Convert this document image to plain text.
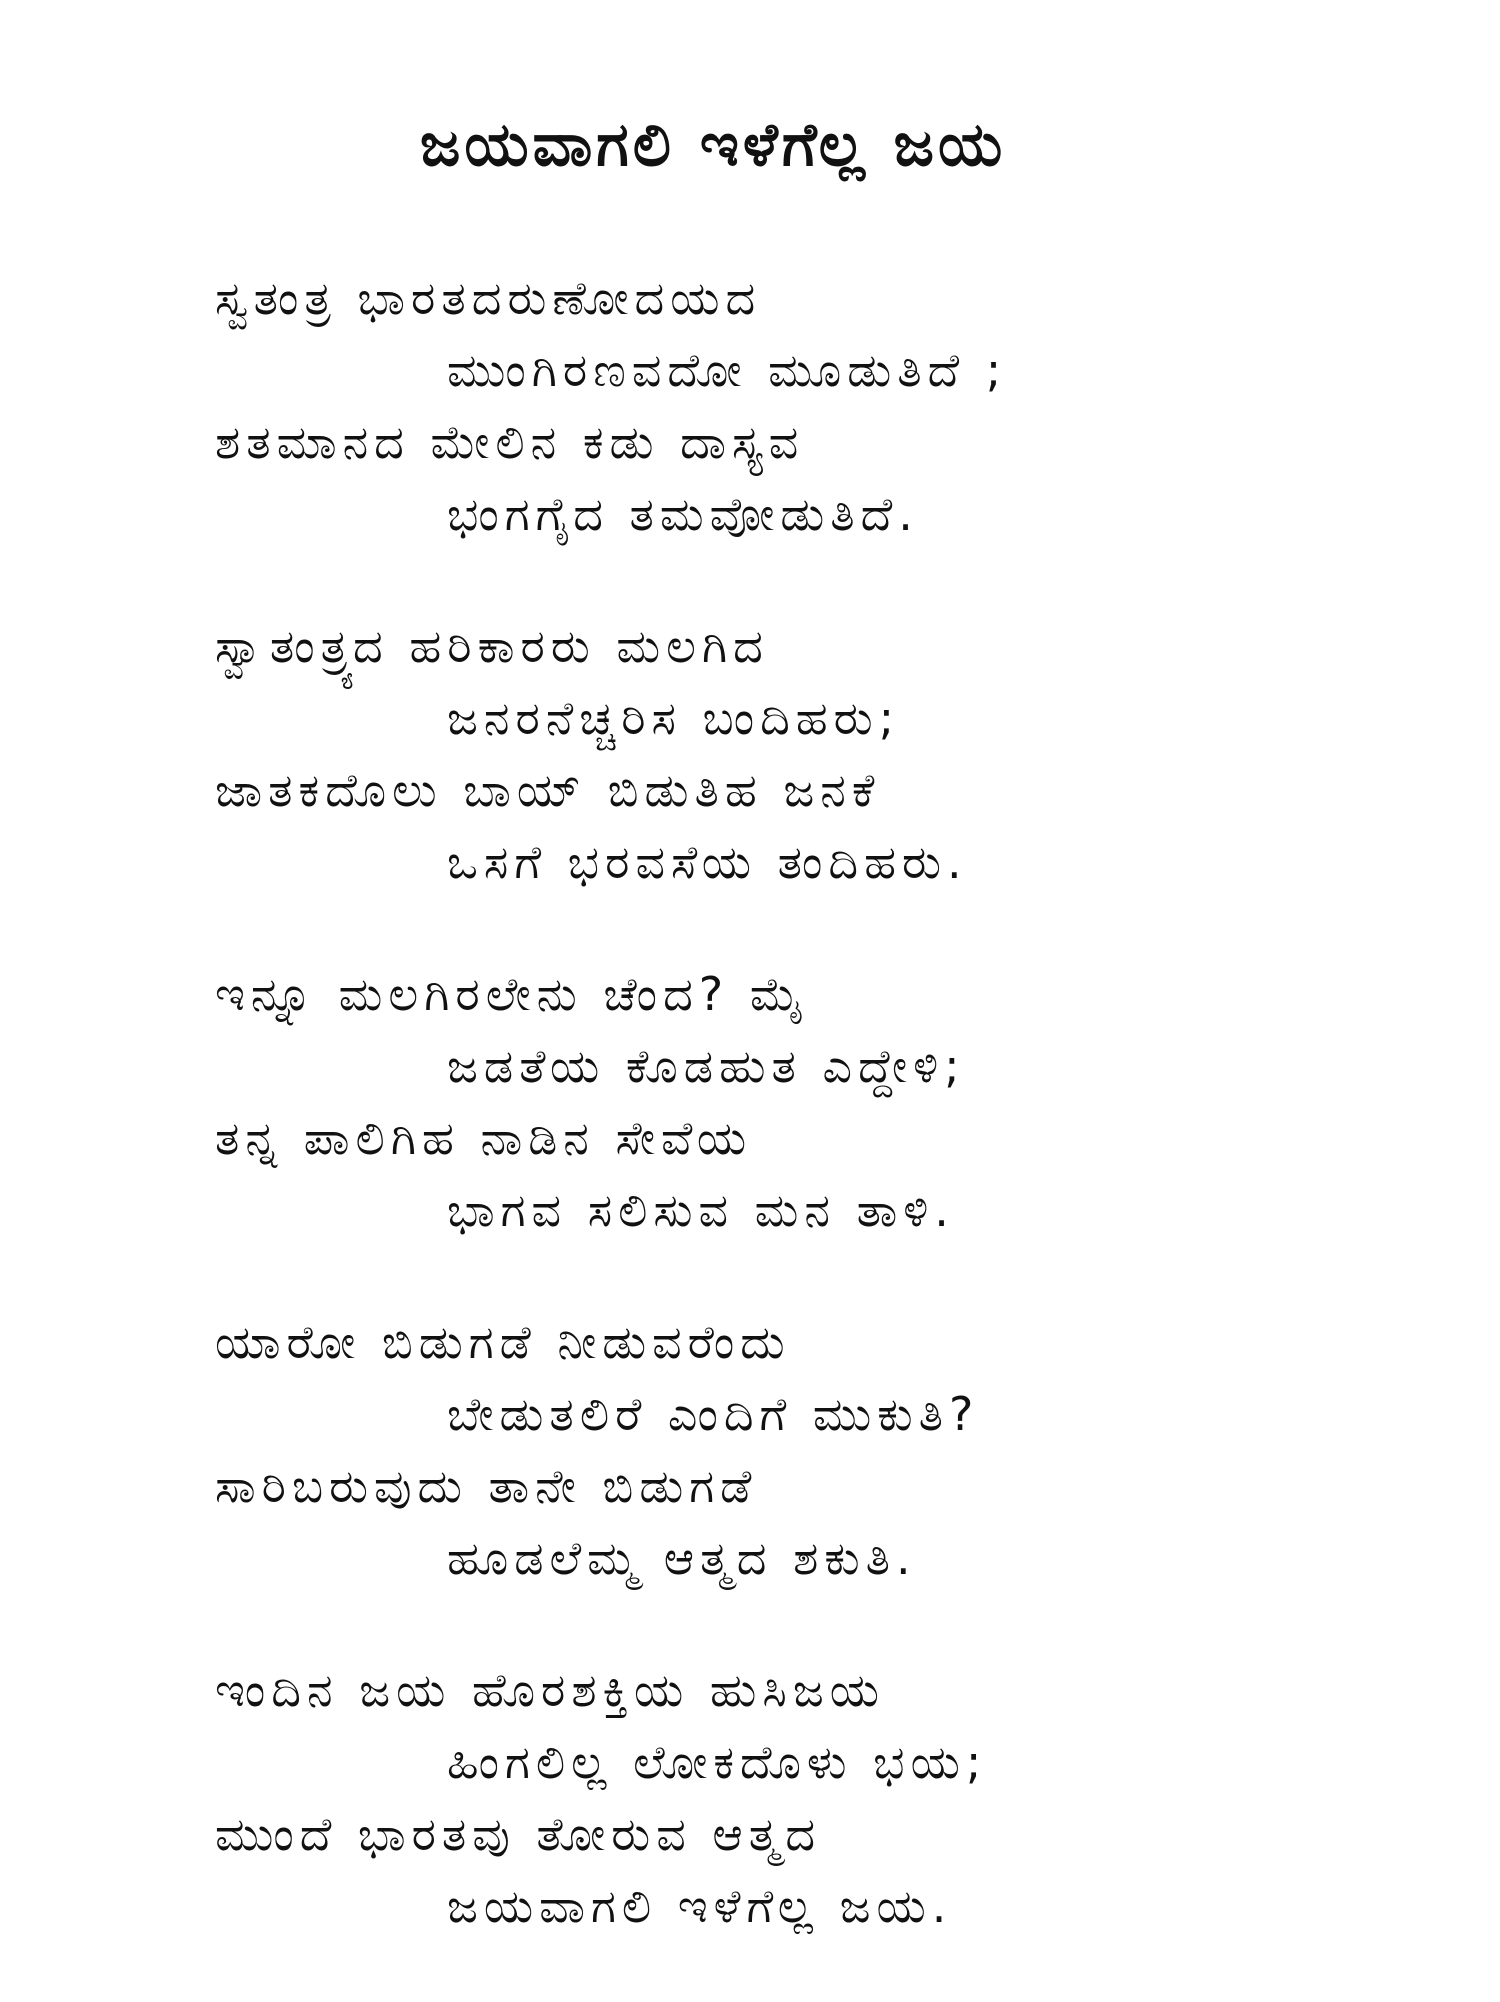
ಜಯವಾಗಲಿ ಇಳೆಗೆಲ್ಲ ಜಯ
ಸ್ವತಂತ್ರ ಭಾರತದರುಣೋದಯದ
ಮುಂಗಿರಣವದೋ ಮೂಡುತಿದೆ ;
ಶತಮಾನದ ಮೇಲಿನ ಕಡು ದಾಸ್ಯವ
ಭಂಗಗೈದ ತಮವೋಡುತಿದೆ.
ಸ್ವಾತಂತ್ರ್ಯದ ಹರಿಕಾರರು ಮಲಗಿದ
ಜನರನೆಚ್ಚರಿಸ ಬಂದಿಹರು;
ಜಾತಕದೊಲು ಬಾಯ್ ಬಿಡುತಿಹ ಜನಕೆ
ಒಸಗೆ ಭರವಸೆಯ ತಂದಿಹರು.
ಇನ್ನೂ ಮಲಗಿರಲೇನು ಚೆಂದ? ಮೈ
ಜಡತೆಯ ಕೊಡಹುತ ಎದ್ದೇಳಿ;
ತನ್ನ ಪಾಲಿಗಿಹ ನಾಡಿನ ಸೇವೆಯ
ಭಾಗವ ಸಲಿಸುವ ಮನ ತಾಳಿ.
ಯಾರೋ ಬಿಡುಗಡೆ ನೀಡುವರೆಂದು
ಬೇಡುತಲಿರೆ ಎಂದಿಗೆ ಮುಕುತಿ?
ಸಾರಿಬರುವುದು ತಾನೇ ಬಿಡುಗಡೆ
ಹೂಡಲೆಮ್ಮ ಆತ್ಮದ ಶಕುತಿ.
ಇಂದಿನ ಜಯ ಹೊರಶಕ್ತಿಯ ಹುಸಿಜಯ
ಹಿಂಗಲಿಲ್ಲ ಲೋಕದೊಳು ಭಯ;
ಮುಂದೆ ಭಾರತವು ತೋರುವ ಆತ್ಮದ
ಜಯವಾಗಲಿ ಇಳೆಗೆಲ್ಲ ಜಯ.
